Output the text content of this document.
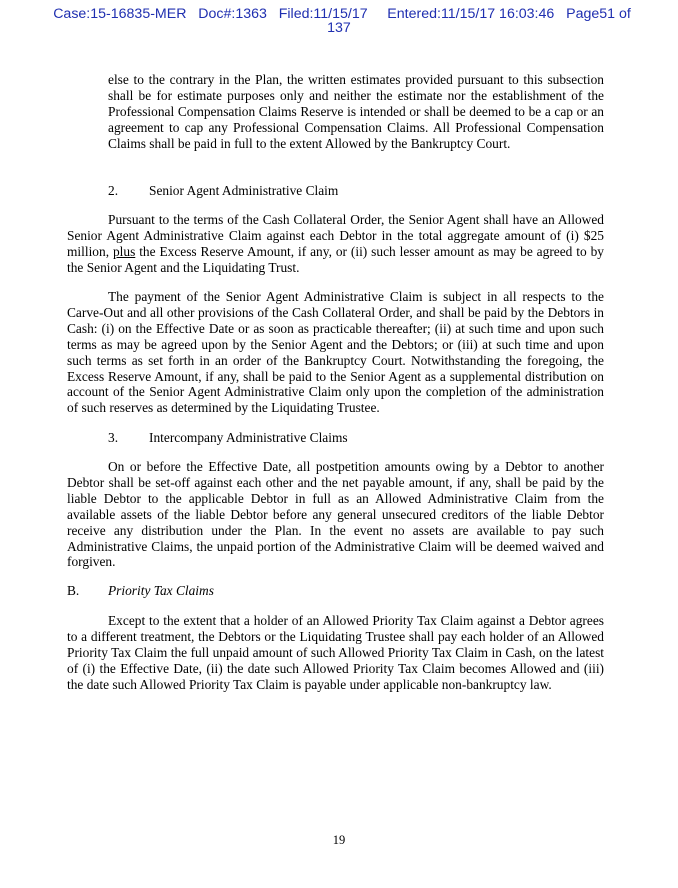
Case:15-16835-MER   Doc#:1363   Filed:11/15/17     Entered:11/15/17 16:03:46   Page51 of
137

else to the contrary in the Plan, the written estimates provided pursuant to this subsection shall be for estimate purposes only and neither the estimate nor the establishment of the Professional Compensation Claims Reserve is intended or shall be deemed to be a cap or an agreement to cap any Professional Compensation Claims. All Professional Compensation Claims shall be paid in full to the extent Allowed by the Bankruptcy Court.

2. Senior Agent Administrative Claim

Pursuant to the terms of the Cash Collateral Order, the Senior Agent shall have an Allowed Senior Agent Administrative Claim against each Debtor in the total aggregate amount of (i) $25 million, plus the Excess Reserve Amount, if any, or (ii) such lesser amount as may be agreed to by the Senior Agent and the Liquidating Trust.

The payment of the Senior Agent Administrative Claim is subject in all respects to the Carve-Out and all other provisions of the Cash Collateral Order, and shall be paid by the Debtors in Cash: (i) on the Effective Date or as soon as practicable thereafter; (ii) at such time and upon such terms as may be agreed upon by the Senior Agent and the Debtors; or (iii) at such time and upon such terms as set forth in an order of the Bankruptcy Court. Notwithstanding the foregoing, the Excess Reserve Amount, if any, shall be paid to the Senior Agent as a supplemental distribution on account of the Senior Agent Administrative Claim only upon the completion of the administration of such reserves as determined by the Liquidating Trustee.

3. Intercompany Administrative Claims

On or before the Effective Date, all postpetition amounts owing by a Debtor to another Debtor shall be set-off against each other and the net payable amount, if any, shall be paid by the liable Debtor to the applicable Debtor in full as an Allowed Administrative Claim from the available assets of the liable Debtor before any general unsecured creditors of the liable Debtor receive any distribution under the Plan. In the event no assets are available to pay such Administrative Claims, the unpaid portion of the Administrative Claim will be deemed waived and forgiven.

B. Priority Tax Claims

Except to the extent that a holder of an Allowed Priority Tax Claim against a Debtor agrees to a different treatment, the Debtors or the Liquidating Trustee shall pay each holder of an Allowed Priority Tax Claim the full unpaid amount of such Allowed Priority Tax Claim in Cash, on the latest of (i) the Effective Date, (ii) the date such Allowed Priority Tax Claim becomes Allowed and (iii) the date such Allowed Priority Tax Claim is payable under applicable non-bankruptcy law.

19
